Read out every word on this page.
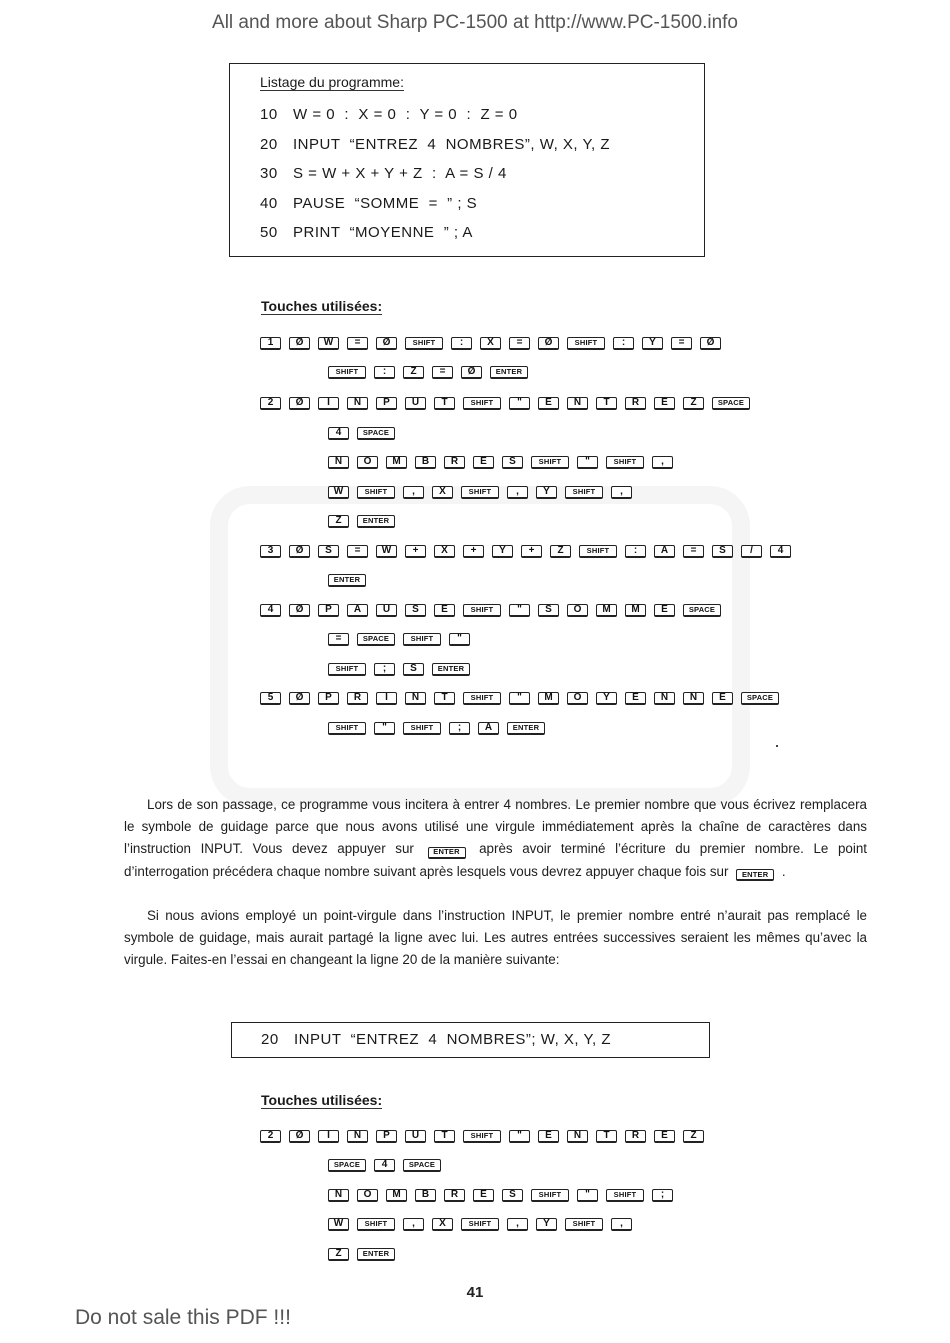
All and more about Sharp PC-1500 at http://www.PC-1500.info
Listage du programme:
10 W = 0  :  X = 0  :  Y = 0  :  Z = 0
20 INPUT  “ENTREZ  4  NOMBRES”, W, X, Y, Z
30 S = W + X + Y + Z  :  A = S / 4
40 PAUSE  “SOMME  =  ” ; S
50 PRINT  “MOYENNE  ” ; A
Touches utilisées:
1	Ø	W	=	Ø	SHIFT	:	X	=	Ø	SHIFT	:	Y	=	Ø
SHIFT	:	Z	=	Ø	ENTER
2	Ø	I	N	P	U	T	SHIFT	"	E	N	T	R	E	Z	SPACE
4	SPACE
N	O	M	B	R	E	S	SHIFT	"	SHIFT	,
W	SHIFT	,	X	SHIFT	,	Y	SHIFT	,
Z	ENTER
3	Ø	S	=	W	+	X	+	Y	+	Z	SHIFT	:	A	=	S	/	4
ENTER
4	Ø	P	A	U	S	E	SHIFT	"	S	O	M	M	E	SPACE
=	SPACE	SHIFT	"
SHIFT	;	S	ENTER
5	Ø	P	R	I	N	T	SHIFT	"	M	O	Y	E	N	N	E	SPACE
SHIFT	"	SHIFT	;	A	ENTER
Lors de son passage, ce programme vous incitera à entrer 4 nombres. Le premier nombre que vous écrivez remplacera le symbole de guidage parce que nous avons utilisé une virgule immédiatement après la chaîne de caractères dans l’instruction INPUT. Vous devez appuyer sur	ENTER après avoir terminé l’écriture du premier nombre. Le point d’interrogation précédera chaque nombre suivant après lesquels vous devrez appuyer chaque fois sur ENTER .
Si nous avions employé un point-virgule dans l’instruction INPUT, le premier nombre entré n’aurait pas remplacé le symbole de guidage, mais aurait partagé la ligne avec lui. Les autres entrées successives seraient les mêmes qu’avec la virgule. Faites-en l’essai en changeant la ligne 20 de la manière suivante:
20 INPUT  “ENTREZ  4  NOMBRES”; W, X, Y, Z
Touches utilisées:
2	Ø	I	N	P	U	T	SHIFT	"	E	N	T	R	E	Z
SPACE	4	SPACE
N	O	M	B	R	E	S	SHIFT	"	SHIFT	;
W	SHIFT	,	X	SHIFT	,	Y	SHIFT	,
Z	ENTER
41
Do not sale this PDF !!!
